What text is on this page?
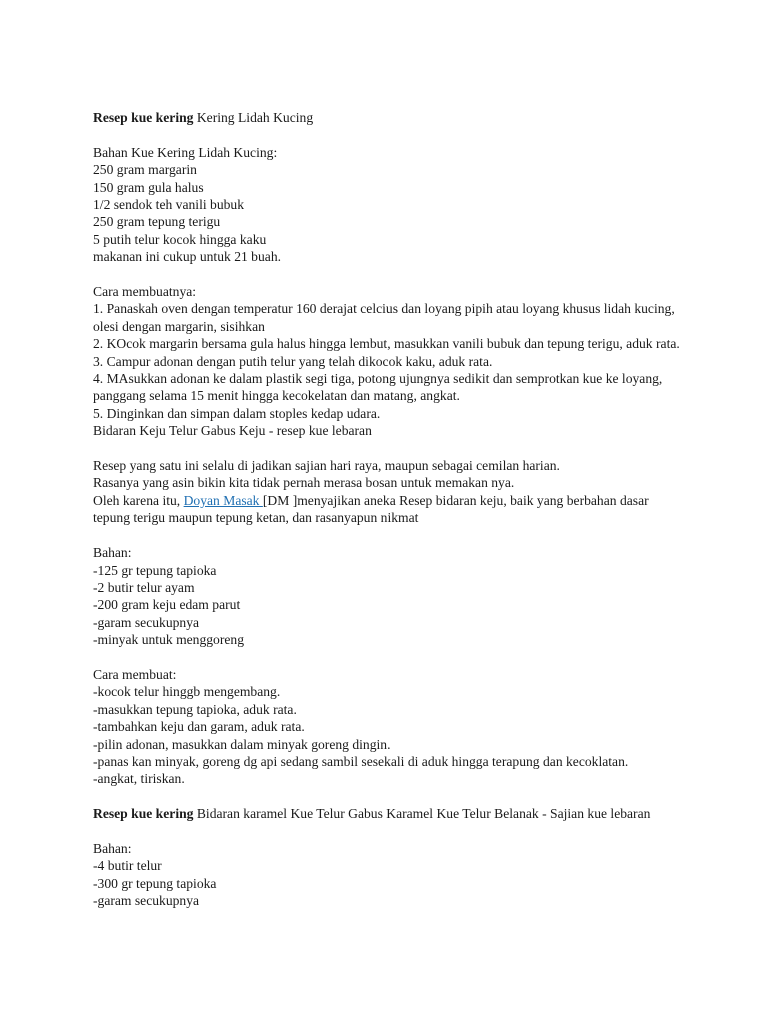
Resep kue kering Kering Lidah Kucing
Bahan Kue Kering Lidah Kucing:
250 gram margarin
150 gram gula halus
1/2 sendok teh vanili bubuk
250 gram tepung terigu
5 putih telur kocok hingga kaku
makanan ini cukup untuk 21 buah.
Cara membuatnya:
1. Panaskah oven dengan temperatur 160 derajat celcius dan loyang pipih atau loyang khusus lidah kucing, olesi dengan margarin, sisihkan
2. KOcok margarin bersama gula halus hingga lembut, masukkan vanili bubuk dan tepung terigu, aduk rata.
3. Campur adonan dengan putih telur yang telah dikocok kaku, aduk rata.
4. MAsukkan adonan ke dalam plastik segi tiga, potong ujungnya sedikit dan semprotkan kue ke loyang, panggang selama 15 menit hingga kecokelatan dan matang, angkat.
5. Dinginkan dan simpan dalam stoples kedap udara.
Bidaran Keju Telur Gabus Keju - resep kue lebaran
Resep yang satu ini selalu di jadikan sajian hari raya, maupun sebagai cemilan harian.
Rasanya yang asin bikin kita tidak pernah merasa bosan untuk memakan nya.
Oleh karena itu, Doyan Masak [DM ]menyajikan aneka Resep bidaran keju, baik yang berbahan dasar tepung terigu maupun tepung ketan, dan rasanyapun nikmat
Bahan:
-125 gr tepung tapioka
-2 butir telur ayam
-200 gram keju edam parut
-garam secukupnya
-minyak untuk menggoreng
Cara membuat:
-kocok telur hinggb mengembang.
-masukkan tepung tapioka, aduk rata.
-tambahkan keju dan garam, aduk rata.
-pilin adonan, masukkan dalam minyak goreng dingin.
-panas kan minyak, goreng dg api sedang sambil sesekali di aduk hingga terapung dan kecoklatan.
-angkat, tiriskan.
Resep kue kering Bidaran karamel Kue Telur Gabus Karamel Kue Telur Belanak - Sajian kue lebaran
Bahan:
-4 butir telur
-300 gr tepung tapioka
-garam secukupnya
